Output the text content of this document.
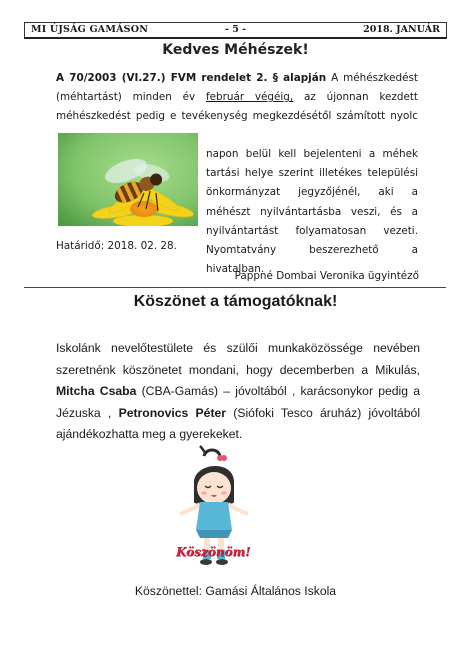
MI ÚJSÁG GAMÁSON	- 5 -	2018. JANUÁR
Kedves Méhészek!
A 70/2003 (VI.27.) FVM rendelet 2. § alapján A méhészkedést
(méhtartást) minden év február végéig, az újonnan kezdett
méhészkedést pedig e tevékenység megkezdésétől számított nyolc
napon belül kell bejelenteni a méhek
tartási helye szerint illetékes települési
önkormányzat jegyzőjénél, aki a
méhészt nyilvántartásba veszi, és a
nyilvántartást folyamatosan vezeti.
Nyomtatvány beszerezhető a hivatalban.
Határidő: 2018. 02. 28.
Pappné Dombai Veronika ügyintéző
Köszönet a támogatóknak!
Iskolánk nevelőtestülete és szülői munkaközössége nevében szeretnénk köszönetet mondani, hogy decemberben a Mikulás, Mitcha Csaba (CBA-Gamás) – jóvoltából , karácsonykor pedig a Jézuska , Petronovics Péter (Siófoki Tesco áruház) jóvoltából ajándékozhatta meg a gyerekeket.
Köszönöm!
Köszönettel: Gamási Általános Iskola
